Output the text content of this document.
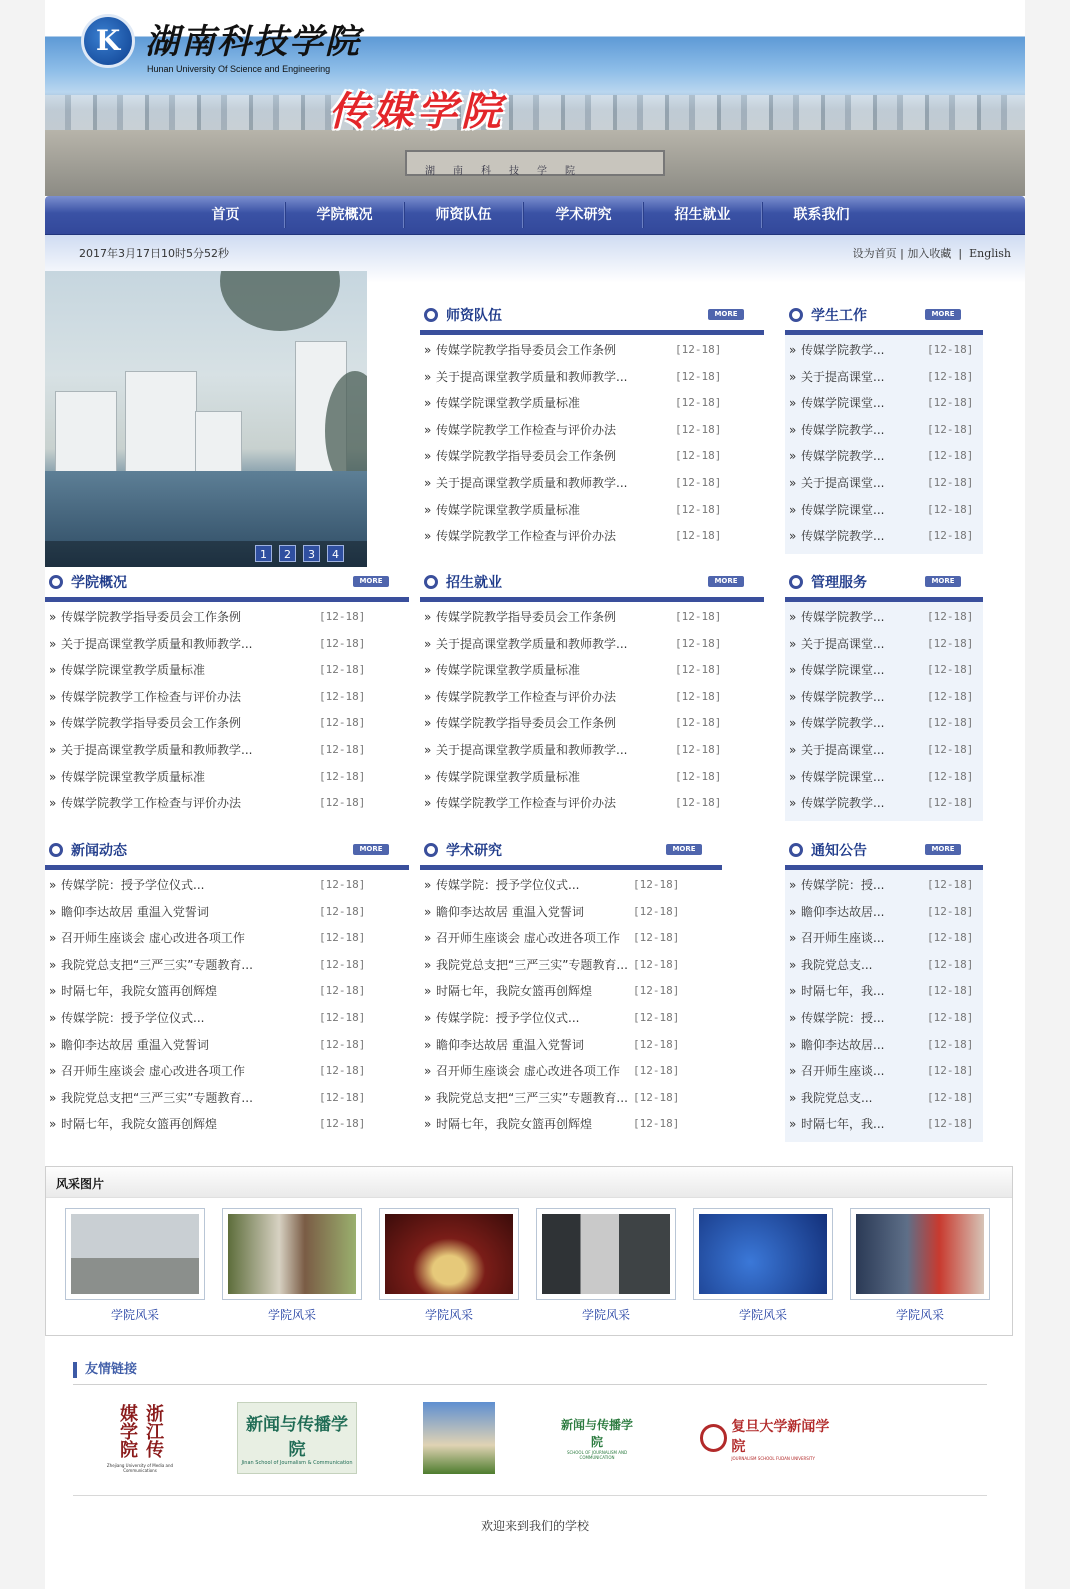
湖南科技学院
K 湖南科技学院
Hunan University Of Science and Engineering
传媒学院
首页	学院概况	师资队伍	学术研究	招生就业	联系我们
2017年3月17日10时5分52秒	设为首页 | 加入收藏 | English
1	2	3	4
师资队伍	MORE
» 传媒学院教学指导委员会工作条例	[12-18]
» 关于提高课堂教学质量和教师教学...	[12-18]
» 传媒学院课堂教学质量标准	[12-18]
» 传媒学院教学工作检查与评价办法	[12-18]
» 传媒学院教学指导委员会工作条例	[12-18]
» 关于提高课堂教学质量和教师教学...	[12-18]
» 传媒学院课堂教学质量标准	[12-18]
» 传媒学院教学工作检查与评价办法	[12-18]
学生工作	MORE
» 传媒学院教学...	[12-18]
» 关于提高课堂...	[12-18]
» 传媒学院课堂...	[12-18]
» 传媒学院教学...	[12-18]
» 传媒学院教学...	[12-18]
» 关于提高课堂...	[12-18]
» 传媒学院课堂...	[12-18]
» 传媒学院教学...	[12-18]
学院概况	MORE
» 传媒学院教学指导委员会工作条例	[12-18]
» 关于提高课堂教学质量和教师教学...	[12-18]
» 传媒学院课堂教学质量标准	[12-18]
» 传媒学院教学工作检查与评价办法	[12-18]
» 传媒学院教学指导委员会工作条例	[12-18]
» 关于提高课堂教学质量和教师教学...	[12-18]
» 传媒学院课堂教学质量标准	[12-18]
» 传媒学院教学工作检查与评价办法	[12-18]
招生就业	MORE
» 传媒学院教学指导委员会工作条例	[12-18]
» 关于提高课堂教学质量和教师教学...	[12-18]
» 传媒学院课堂教学质量标准	[12-18]
» 传媒学院教学工作检查与评价办法	[12-18]
» 传媒学院教学指导委员会工作条例	[12-18]
» 关于提高课堂教学质量和教师教学...	[12-18]
» 传媒学院课堂教学质量标准	[12-18]
» 传媒学院教学工作检查与评价办法	[12-18]
管理服务	MORE
» 传媒学院教学...	[12-18]
» 关于提高课堂...	[12-18]
» 传媒学院课堂...	[12-18]
» 传媒学院教学...	[12-18]
» 传媒学院教学...	[12-18]
» 关于提高课堂...	[12-18]
» 传媒学院课堂...	[12-18]
» 传媒学院教学...	[12-18]
新闻动态	MORE
» 传媒学院：授予学位仪式...	[12-18]
» 瞻仰李达故居 重温入党誓词	[12-18]
» 召开师生座谈会 虚心改进各项工作	[12-18]
» 我院党总支把“三严三实”专题教育...	[12-18]
» 时隔七年，我院女篮再创辉煌	[12-18]
» 传媒学院：授予学位仪式...	[12-18]
» 瞻仰李达故居 重温入党誓词	[12-18]
» 召开师生座谈会 虚心改进各项工作	[12-18]
» 我院党总支把“三严三实”专题教育...	[12-18]
» 时隔七年，我院女篮再创辉煌	[12-18]
学术研究	MORE
» 传媒学院：授予学位仪式...	[12-18]
» 瞻仰李达故居 重温入党誓词	[12-18]
» 召开师生座谈会 虚心改进各项工作 [12-18]
» 我院党总支把“三严三实”专题教育... [12-18]
» 时隔七年，我院女篮再创辉煌	[12-18]
» 传媒学院：授予学位仪式...	[12-18]
» 瞻仰李达故居 重温入党誓词	[12-18]
» 召开师生座谈会 虚心改进各项工作 [12-18]
» 我院党总支把“三严三实”专题教育... [12-18]
» 时隔七年，我院女篮再创辉煌	[12-18]
通知公告	MORE
» 传媒学院：授...	[12-18]
» 瞻仰李达故居...	[12-18]
» 召开师生座谈...	[12-18]
» 我院党总支...	[12-18]
» 时隔七年，我...	[12-18]
» 传媒学院：授...	[12-18]
» 瞻仰李达故居...	[12-18]
» 召开师生座谈...	[12-18]
» 我院党总支...	[12-18]
» 时隔七年，我...	[12-18]
风采图片
学院风采	学院风采	学院风采	学院风采	学院风采	学院风采
友情链接
浙江传媒学院
Zhejiang University of Media and Communications
新闻与传播学院
Jinan School of Journalism & Communication
新闻与传播学院
SCHOOL OF JOURNALISM AND COMMUNICATION
复旦大学新闻学院
JOURNALISM SCHOOL FUDAN UNIVERSITY
欢迎来到我们的学校
